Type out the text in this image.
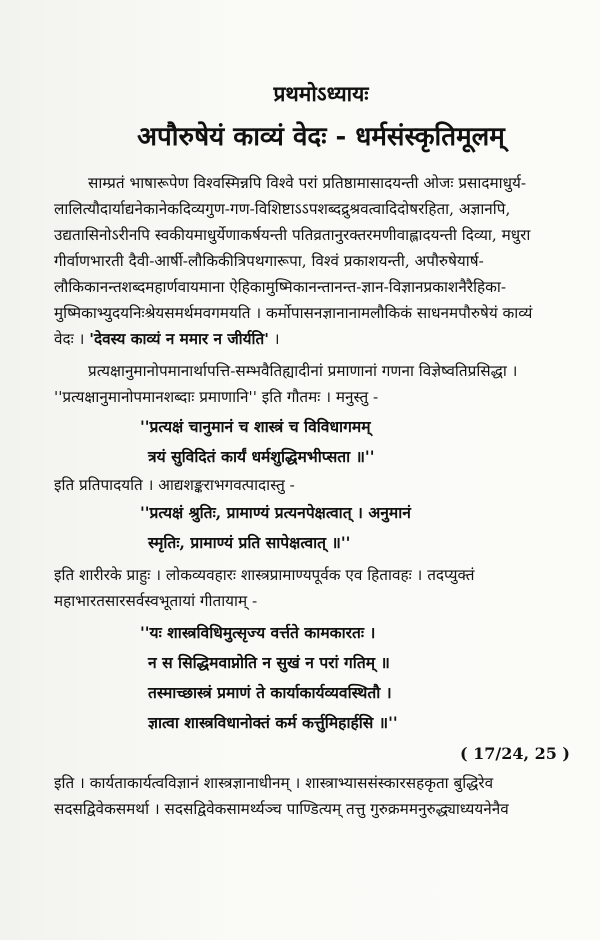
प्रथमोऽध्यायः
अपौरुषेयं काव्यं वेदः - धर्मसंस्कृतिमूलम्
साम्प्रतं भाषारूपेण विश्वस्मिन्नपि विश्वे परां प्रतिष्ठामासादयन्ती ओजः प्रसादमाधुर्य-
लालित्यौदार्याद्यनेकानेकदिव्यगुण-गण-विशिष्टाऽऽपशब्दद्रुश्रवत्वादिदोषरहिता, अज्ञानपि,
उद्यतासिनोऽरीनपि स्वकीयमाधुर्येणाकर्षयन्ती पतिव्रतानुरक्तरमणीवाह्लादयन्ती दिव्या, मधुरा
गीर्वाणभारती दैवी-आर्षी-लौकिकीत्रिपथगारूपा, विश्वं प्रकाशयन्ती, अपौरुषेयार्ष-
लौकिकानन्तशब्दमहार्णवायमाना ऐहिकामुष्मिकानन्तानन्त-ज्ञान-विज्ञानप्रकाशनैरैहिका-
मुष्मिकाभ्युदयनिःश्रेयसमर्थमवगमयति । कर्मोपासनज्ञानानामलौकिकं साधनमपौरुषेयं काव्यं
वेदः । 'देवस्य काव्यं न ममार न जीर्यति' ।
प्रत्यक्षानुमानोपमानार्थापत्ति-सम्भवैतिह्यादीनां प्रमाणानां गणना विज्ञेष्वतिप्रसिद्धा ।
''प्रत्यक्षानुमानोपमानशब्दाः प्रमाणानि'' इति गौतमः । मनुस्तु -
''प्रत्यक्षं चानुमानं च शास्त्रं च विविधागमम्
त्रयं सुविदितं कार्यं धर्मशुद्धिमभीप्सता ॥''
इति प्रतिपादयति । आद्यशङ्कराभगवत्पादास्तु -
''प्रत्यक्षं श्रुतिः, प्रामाण्यं प्रत्यनपेक्षत्वात् । अनुमानं
स्मृतिः, प्रामाण्यं प्रति सापेक्षत्वात् ॥''
इति शारीरके प्राहुः । लोकव्यवहारः शास्त्रप्रामाण्यपूर्वक एव हितावहः । तदप्युक्तं
महाभारतसारसर्वस्वभूतायां गीतायाम् -
''यः शास्त्रविधिमुत्सृज्य वर्त्तते कामकारतः ।
न स सिद्धिमवाप्नोति न सुखं न परां गतिम् ॥
तस्माच्छास्त्रं प्रमाणं ते कार्याकार्यव्यवस्थितौ ।
ज्ञात्वा शास्त्रविधानोक्तं कर्म कर्त्तुमिहार्हसि ॥''
( 17/24, 25 )
इति । कार्यताकार्यत्वविज्ञानं शास्त्रज्ञानाधीनम् । शास्त्राभ्याससंस्कारसहकृता बुद्धिरेव
सदसद्विवेकसमर्था । सदसद्विवेकसामर्थ्यञ्च पाण्डित्यम् तत्तु गुरुक्रममनुरुद्ध्याध्ययनेनैव
